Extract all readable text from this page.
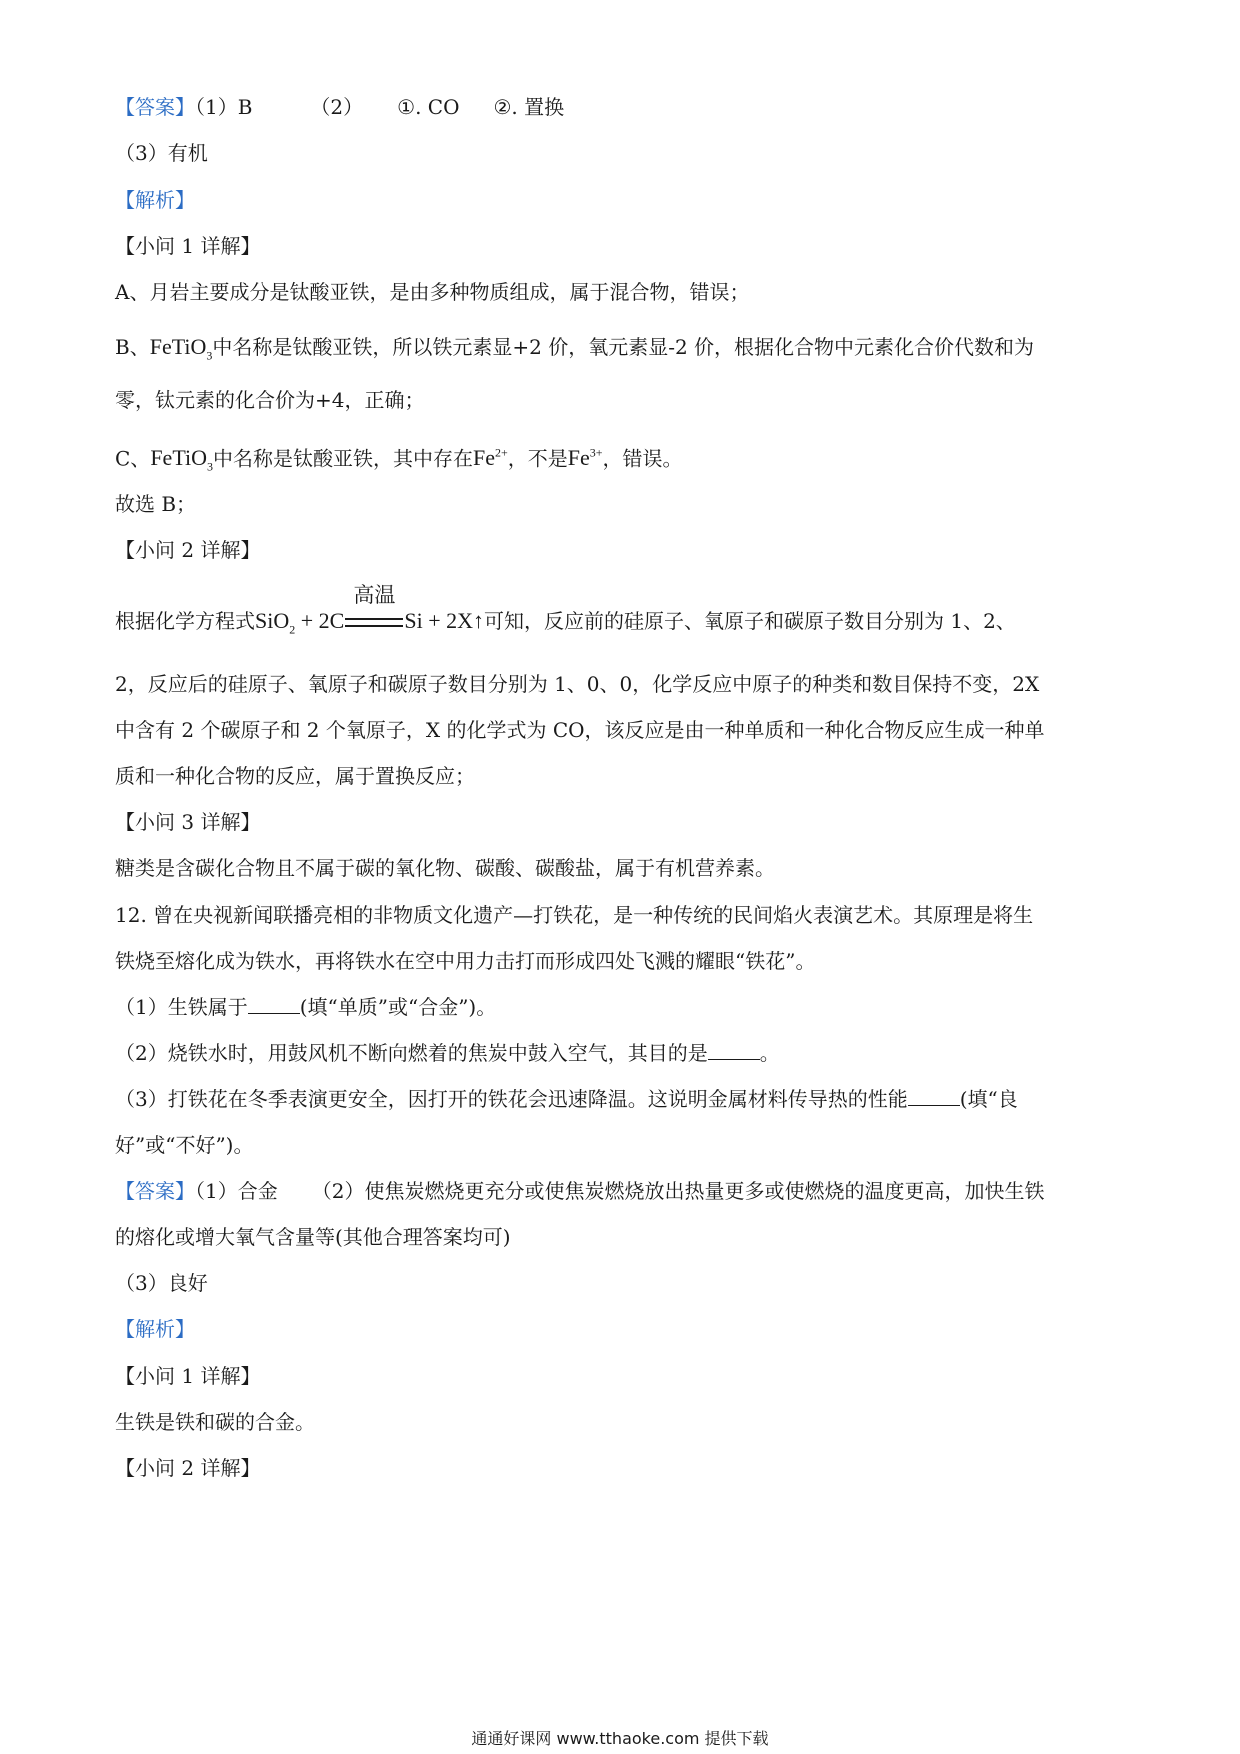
【答案】（1）B	（2） ①. CO ②. 置换

（3）有机

【解析】

【小问 1 详解】

A、月岩主要成分是钛酸亚铁，是由多种物质组成，属于混合物，错误；

B、FeTiO$_3$中名称是钛酸亚铁，所以铁元素显+2 价，氧元素显-2 价，根据化合物中元素化合价代数和为

零，钛元素的化合价为+4，正确；

C、FeTiO$_3$中名称是钛酸亚铁，其中存在$Fe^{2+}$，不是$Fe^{3+}$，错误。

故选 B；

【小问 2 详解】

根据化学方程式SiO$_2$ + 2C
高温
Si + 2X↑可知，反应前的硅原子、氧原子和碳原子数目分别为 1、2、

2，反应后的硅原子、氧原子和碳原子数目分别为 1、0、0，化学反应中原子的种类和数目保持不变，2X

中含有 2 个碳原子和 2 个氧原子，X 的化学式为 CO，该反应是由一种单质和一种化合物反应生成一种单

质和一种化合物的反应，属于置换反应；

【小问 3 详解】

糖类是含碳化合物且不属于碳的氧化物、碳酸、碳酸盐，属于有机营养素。

12. 曾在央视新闻联播亮相的非物质文化遗产—打铁花，是一种传统的民间焰火表演艺术。其原理是将生

铁烧至熔化成为铁水，再将铁水在空中用力击打而形成四处飞溅的耀眼“铁花”。

（1）生铁属于	(填“单质”或“合金”)。

（2）烧铁水时，用鼓风机不断向燃着的焦炭中鼓入空气，其目的是	。

（3）打铁花在冬季表演更安全，因打开的铁花会迅速降温。这说明金属材料传导热的性能	(填“良

好”或“不好”)。

【答案】（1）合金 （2）使焦炭燃烧更充分或使焦炭燃烧放出热量更多或使燃烧的温度更高，加快生铁

的熔化或增大氧气含量等(其他合理答案均可)

（3）良好

【解析】

【小问 1 详解】

生铁是铁和碳的合金。

【小问 2 详解】

通通好课网 www.tthaoke.com 提供下载
